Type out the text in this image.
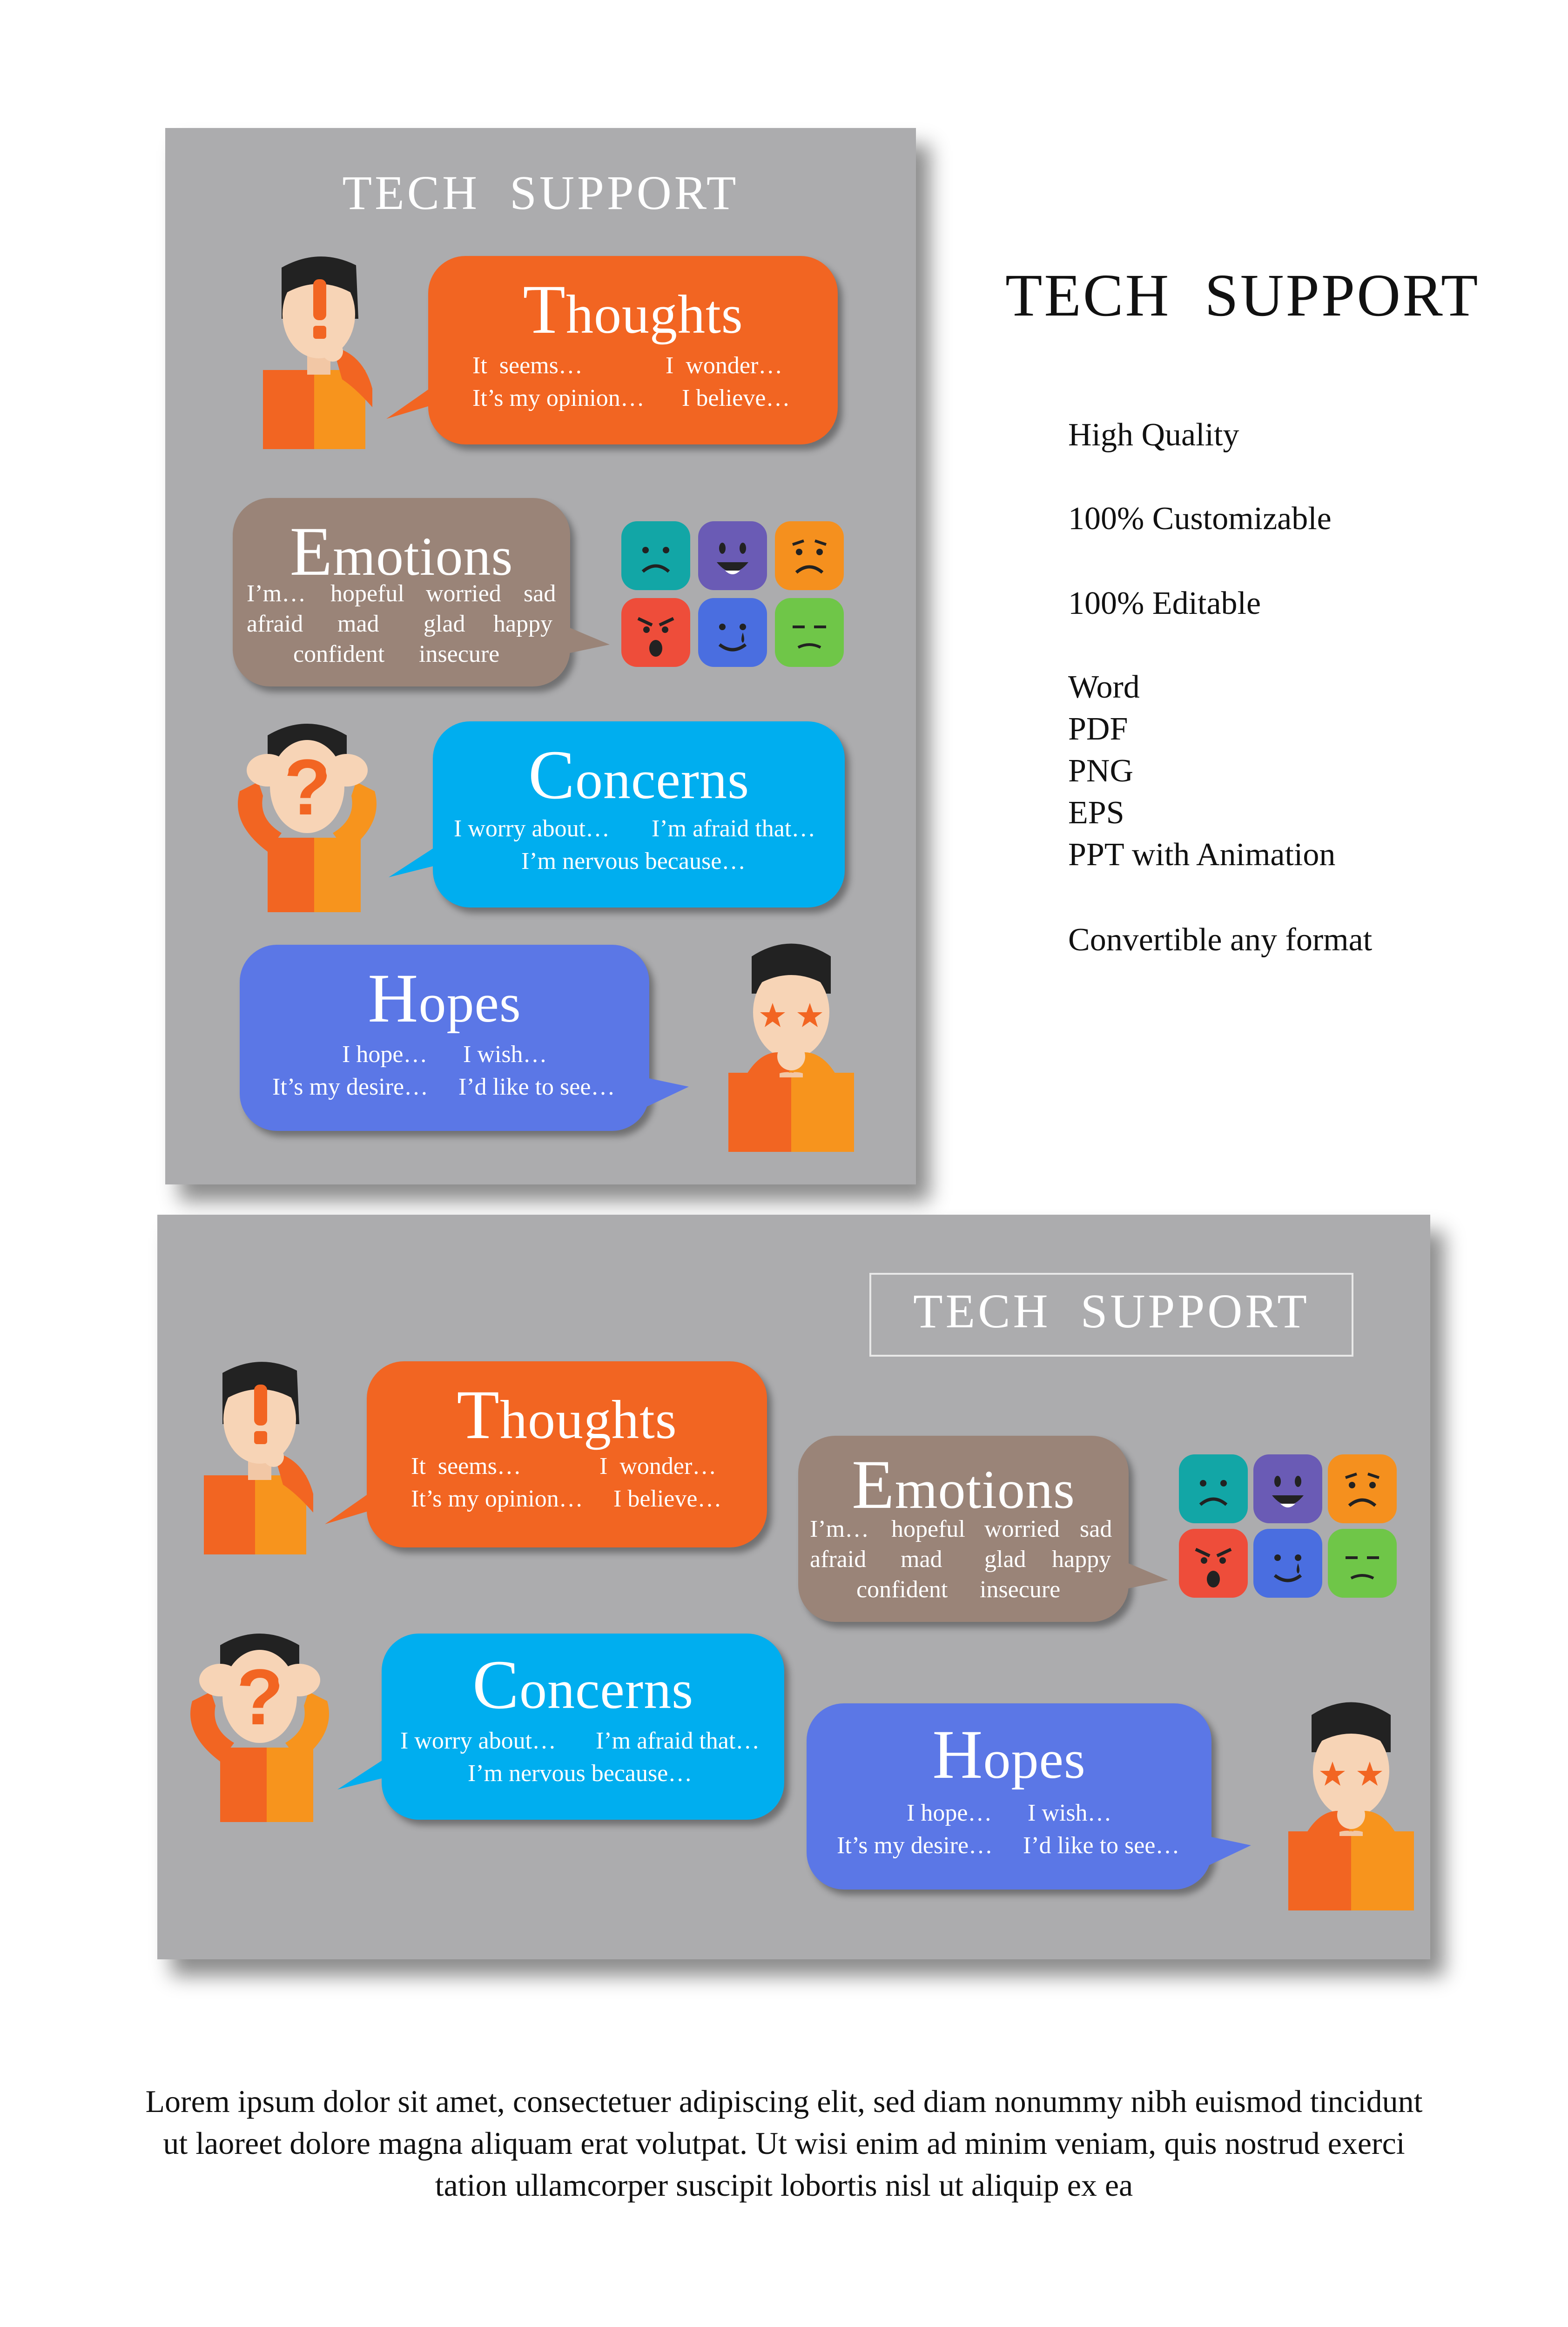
TECH  SUPPORT
Thoughts
It  seems…	I  wonder…
It’s my opinion… I believe…
Emotions
I’m… hopeful worried sad
afraid mad glad happy
confident insecure
Concerns
I worry about… I’m afraid that…
I’m nervous because…
Hopes
I hope… I wish…
It’s my desire… I’d like to see…
TECH  SUPPORT
High Quality
100% Customizable
100% Editable
Word
PDF
PNG
EPS
PPT with Animation
Convertible any format
TECH  SUPPORT
Thoughts
It  seems…	I  wonder…
It’s my opinion… I believe…	Emotions
I’m… hopeful worried sad
afraid mad glad happy
confident insecure
Concerns
I worry about… I’m afraid that…
I’m nervous because…	Hopes
I hope… I wish…
It’s my desire… I’d like to see…
Lorem ipsum dolor sit amet, consectetuer adipiscing elit, sed diam nonummy nibh euismod tincidunt
ut laoreet dolore magna aliquam erat volutpat. Ut wisi enim ad minim veniam, quis nostrud exerci
tation ullamcorper suscipit lobortis nisl ut aliquip ex ea
